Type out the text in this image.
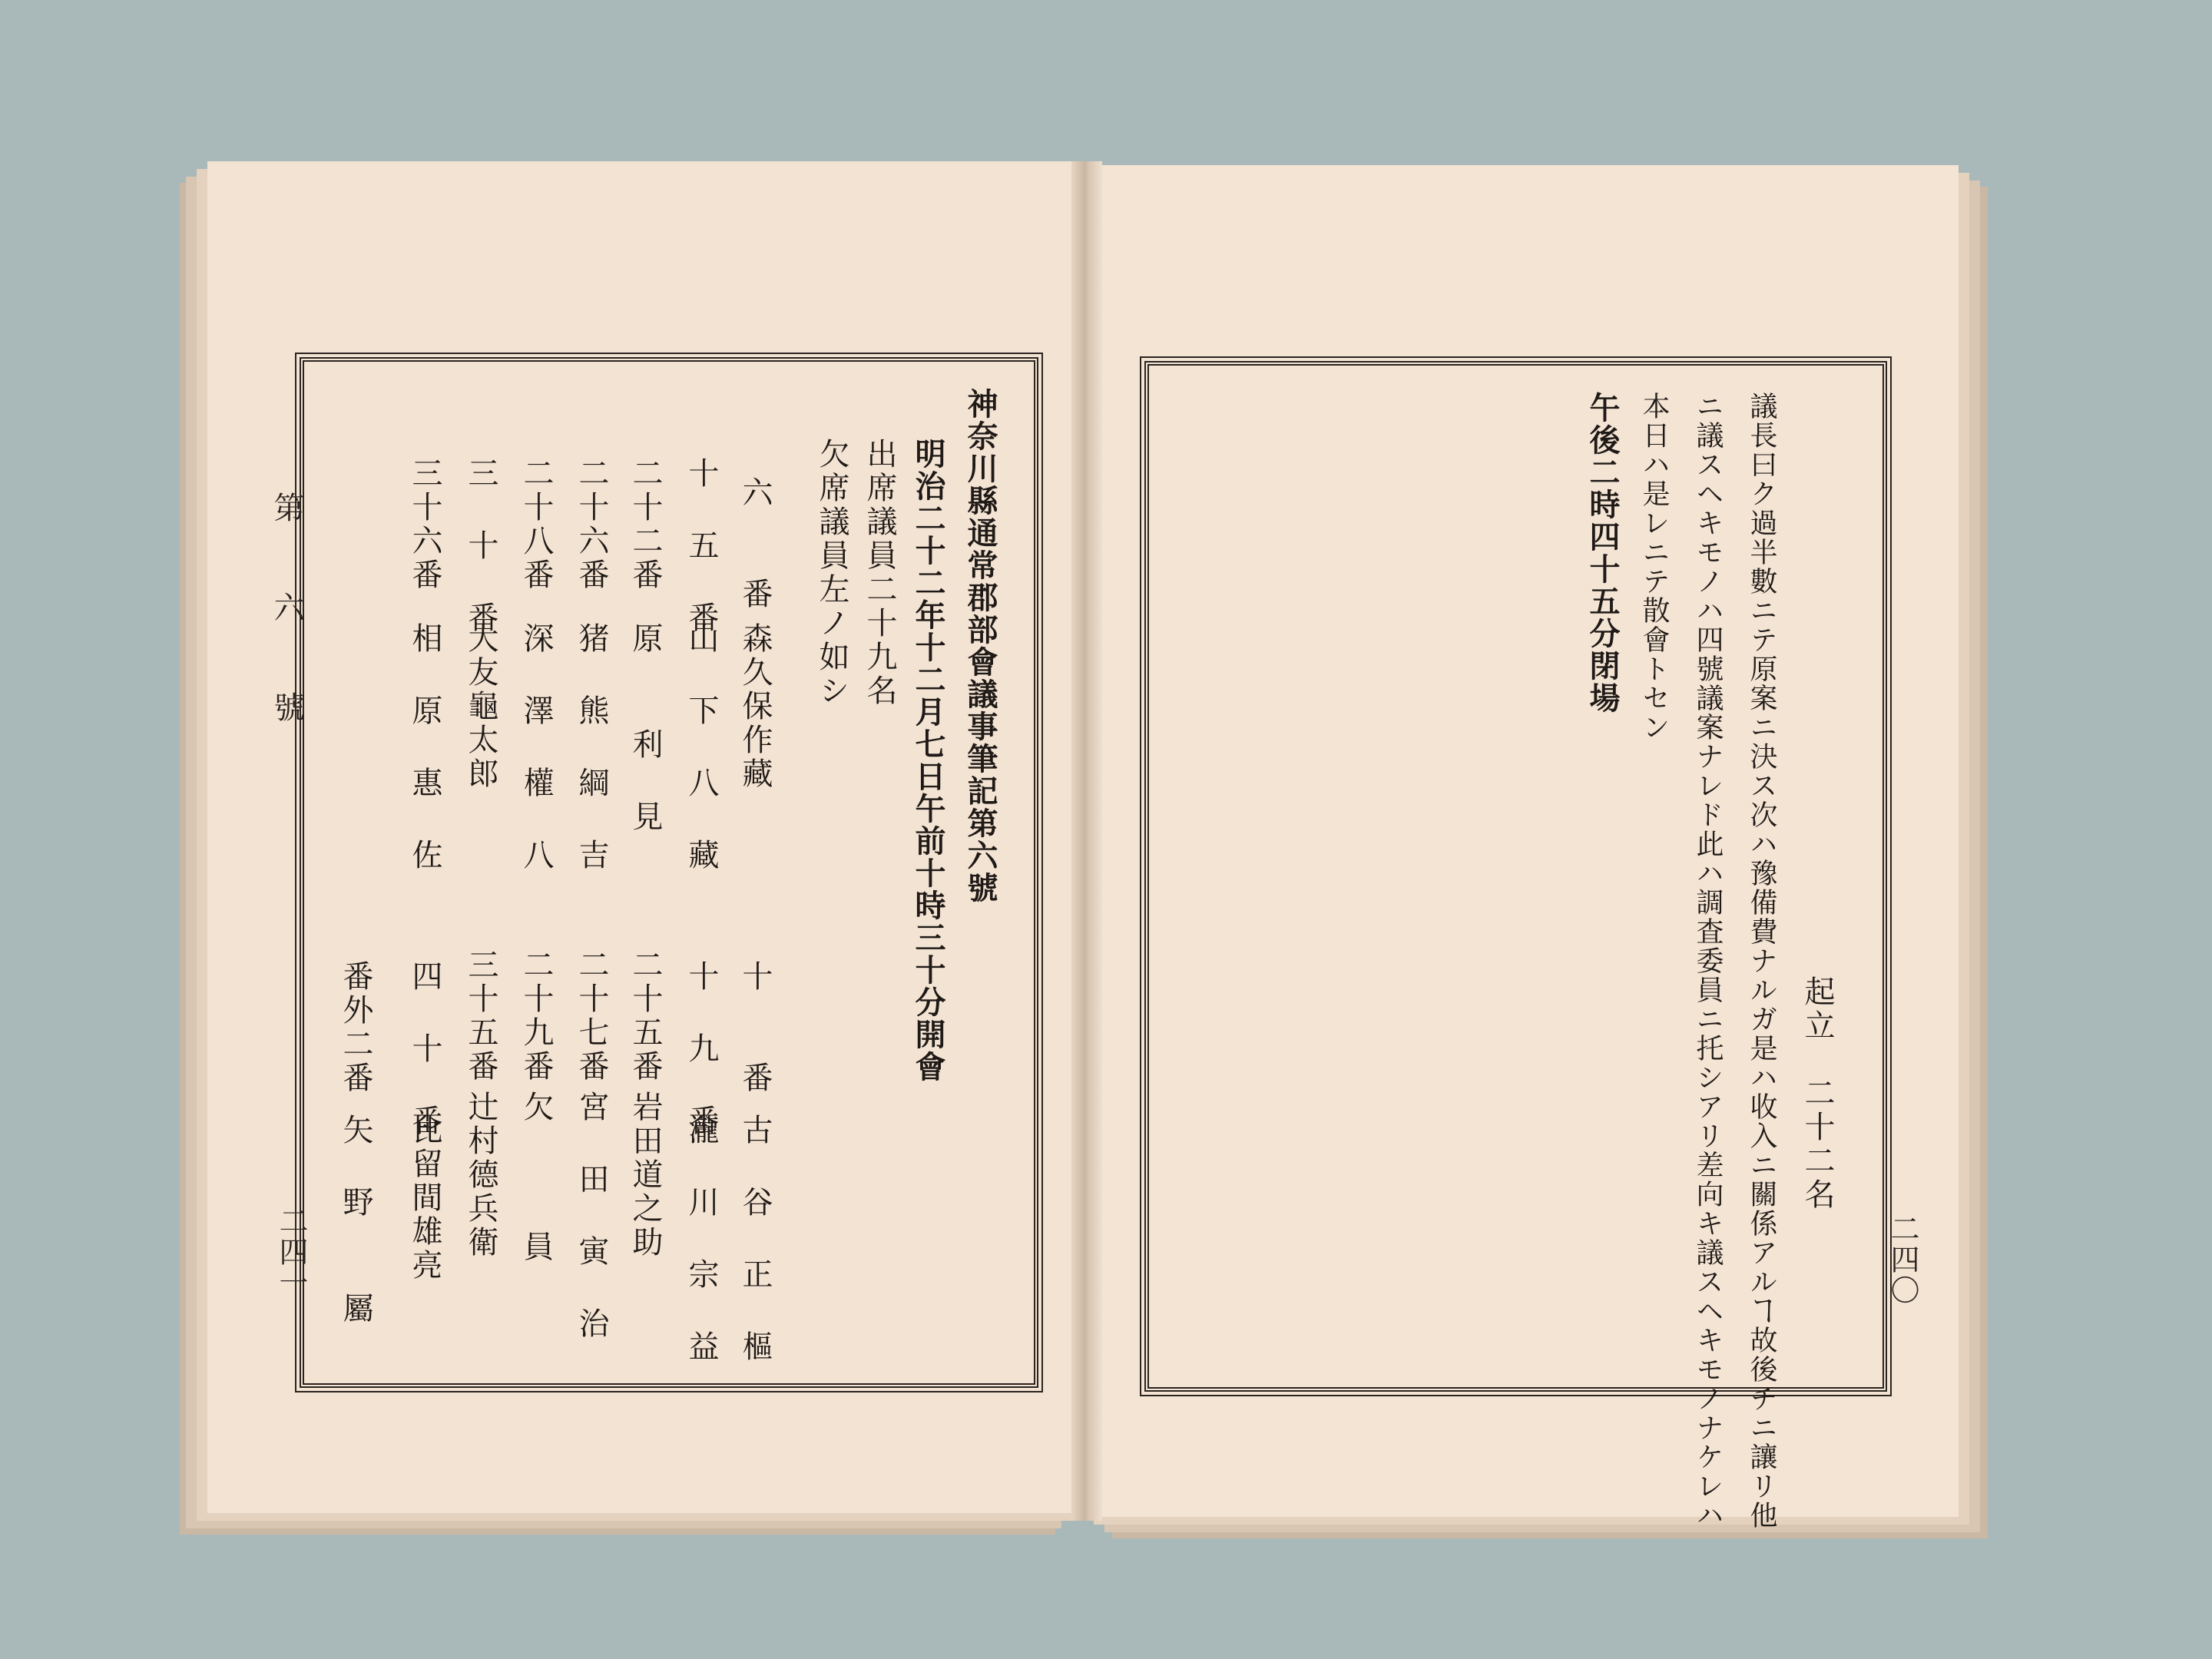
第 六 號
二四一
神奈川縣通常郡部會議事筆記第六號
明治二十二年十二月七日午前十時三十分開會
出席議員二十九名
欠席議員左ノ如シ
六　　番
森久保作藏
十 五 番
山 下 八 藏
二十二番
原　 利 見
二十六番
猪 熊 綱 吉
二十八番
深 澤 權 八
三 十 番
大友龜太郎
三十六番
相 原 惠 佐
十　　番
古 谷 正 樞
十 九 番
瀧 川 宗 益
二十五番
岩田道之助
二十七番
宮 田 寅 治
二十九番
欠　　 員
三十五番
辻村德兵衛
四 十 番
比留間雄亮
番外二番
矢 野 　屬
起立　二十二名
議長曰ク過半數ニテ原案ニ決ス次ハ豫備費ナルガ是ハ收入ニ關係アルヿ故後チニ讓リ他
ニ議スヘキモノハ四號議案ナレド此ハ調査委員ニ托シアリ差向キ議スヘキモノナケレハ
本日ハ是レニテ散會トセン
午後二時四十五分閉場
二四〇
